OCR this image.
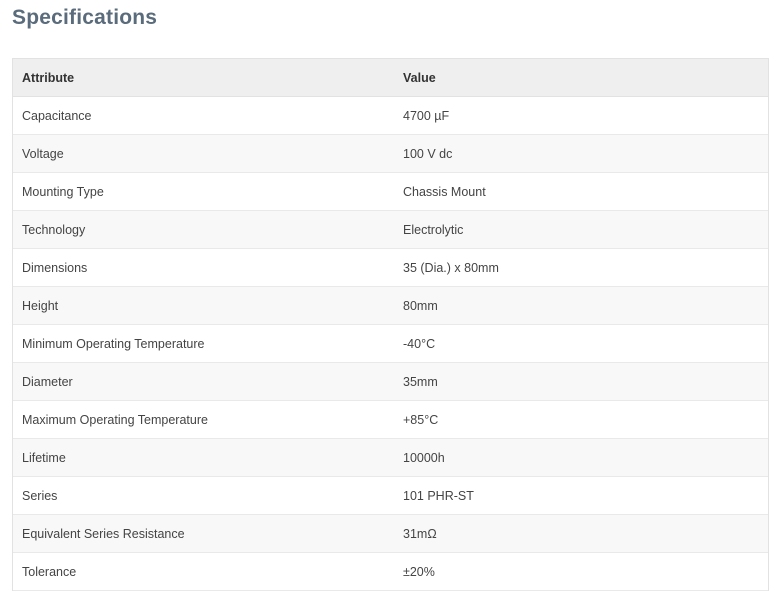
Specifications
Attribute	Value
Capacitance	4700 µF
Voltage	100 V dc
Mounting Type	Chassis Mount
Technology	Electrolytic
Dimensions	35 (Dia.) x 80mm
Height	80mm
Minimum Operating Temperature	-40°C
Diameter	35mm
Maximum Operating Temperature	+85°C
Lifetime	10000h
Series	101 PHR-ST
Equivalent Series Resistance	31mΩ
Tolerance	±20%
